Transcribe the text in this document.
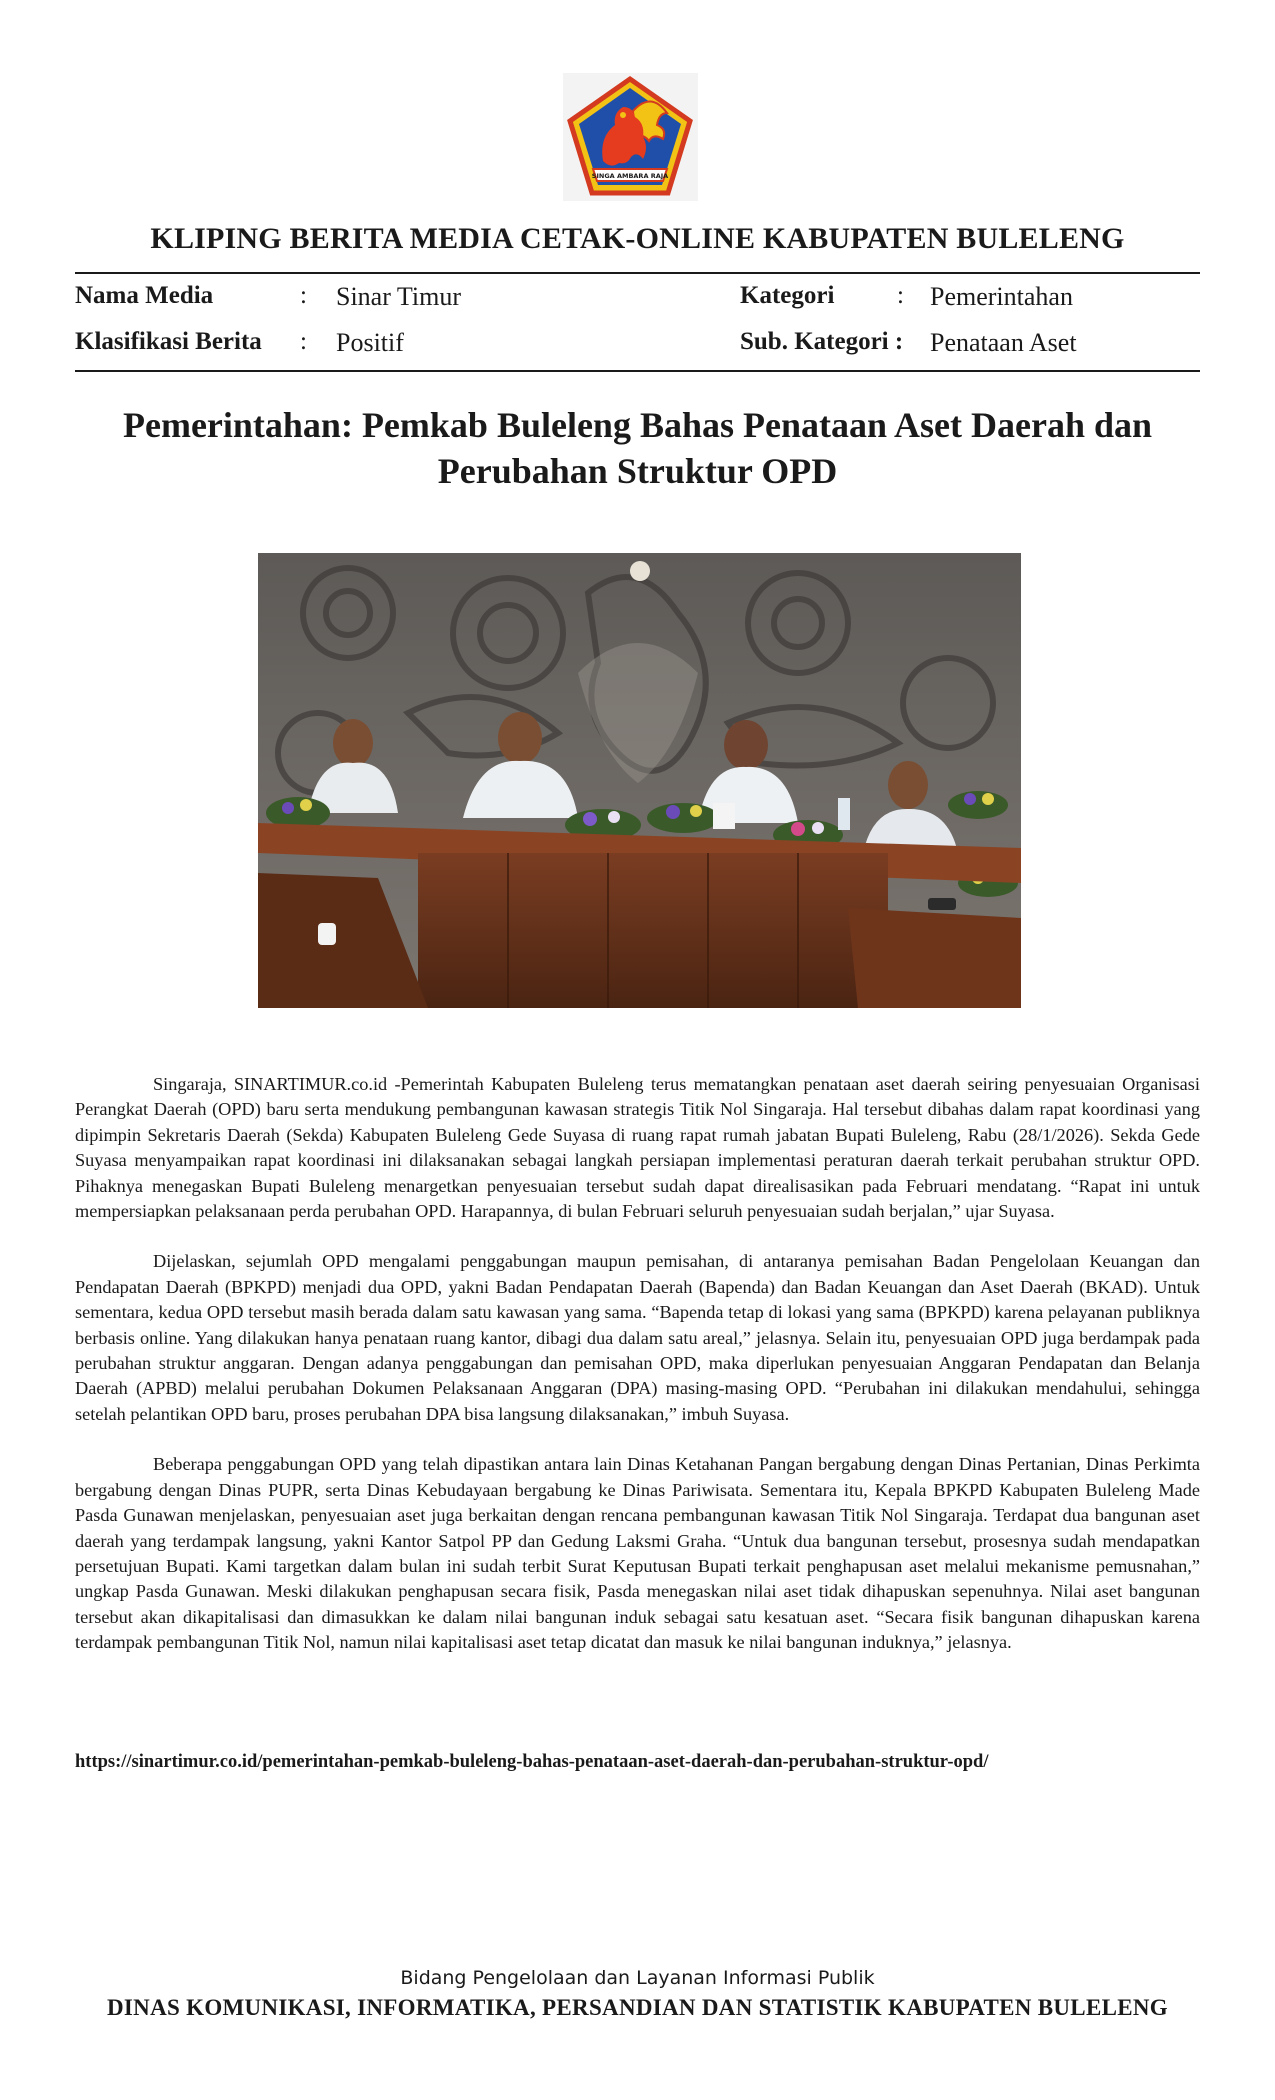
SINGA AMBARA RAJA
KLIPING BERITA MEDIA CETAK-ONLINE KABUPATEN BULELENG
Nama Media	: Sinar Timur	Kategori	: Pemerintahan
Klasifikasi Berita : Positif	Sub. Kategori : Penataan Aset
Pemerintahan: Pemkab Buleleng Bahas Penataan Aset Daerah dan Perubahan Struktur OPD

Singaraja, SINARTIMUR.co.id -Pemerintah Kabupaten Buleleng terus mematangkan penataan aset daerah seiring penyesuaian Organisasi Perangkat Daerah (OPD) baru serta mendukung pembangunan kawasan strategis Titik Nol Singaraja. Hal tersebut dibahas dalam rapat koordinasi yang dipimpin Sekretaris Daerah (Sekda) Kabupaten Buleleng Gede Suyasa di ruang rapat rumah jabatan Bupati Buleleng, Rabu (28/1/2026). Sekda Gede Suyasa menyampaikan rapat koordinasi ini dilaksanakan sebagai langkah persiapan implementasi peraturan daerah terkait perubahan struktur OPD. Pihaknya menegaskan Bupati Buleleng menargetkan penyesuaian tersebut sudah dapat direalisasikan pada Februari mendatang. “Rapat ini untuk mempersiapkan pelaksanaan perda perubahan OPD. Harapannya, di bulan Februari seluruh penyesuaian sudah berjalan,” ujar Suyasa.

Dijelaskan, sejumlah OPD mengalami penggabungan maupun pemisahan, di antaranya pemisahan Badan Pengelolaan Keuangan dan Pendapatan Daerah (BPKPD) menjadi dua OPD, yakni Badan Pendapatan Daerah (Bapenda) dan Badan Keuangan dan Aset Daerah (BKAD). Untuk sementara, kedua OPD tersebut masih berada dalam satu kawasan yang sama. “Bapenda tetap di lokasi yang sama (BPKPD) karena pelayanan publiknya berbasis online. Yang dilakukan hanya penataan ruang kantor, dibagi dua dalam satu areal,” jelasnya. Selain itu, penyesuaian OPD juga berdampak pada perubahan struktur anggaran. Dengan adanya penggabungan dan pemisahan OPD, maka diperlukan penyesuaian Anggaran Pendapatan dan Belanja Daerah (APBD) melalui perubahan Dokumen Pelaksanaan Anggaran (DPA) masing-masing OPD. “Perubahan ini dilakukan mendahului, sehingga setelah pelantikan OPD baru, proses perubahan DPA bisa langsung dilaksanakan,” imbuh Suyasa.

Beberapa penggabungan OPD yang telah dipastikan antara lain Dinas Ketahanan Pangan bergabung dengan Dinas Pertanian, Dinas Perkimta bergabung dengan Dinas PUPR, serta Dinas Kebudayaan bergabung ke Dinas Pariwisata. Sementara itu, Kepala BPKPD Kabupaten Buleleng Made Pasda Gunawan menjelaskan, penyesuaian aset juga berkaitan dengan rencana pembangunan kawasan Titik Nol Singaraja. Terdapat dua bangunan aset daerah yang terdampak langsung, yakni Kantor Satpol PP dan Gedung Laksmi Graha. “Untuk dua bangunan tersebut, prosesnya sudah mendapatkan persetujuan Bupati. Kami targetkan dalam bulan ini sudah terbit Surat Keputusan Bupati terkait penghapusan aset melalui mekanisme pemusnahan,” ungkap Pasda Gunawan. Meski dilakukan penghapusan secara fisik, Pasda menegaskan nilai aset tidak dihapuskan sepenuhnya. Nilai aset bangunan tersebut akan dikapitalisasi dan dimasukkan ke dalam nilai bangunan induk sebagai satu kesatuan aset. “Secara fisik bangunan dihapuskan karena terdampak pembangunan Titik Nol, namun nilai kapitalisasi aset tetap dicatat dan masuk ke nilai bangunan induknya,” jelasnya.

https://sinartimur.co.id/pemerintahan-pemkab-buleleng-bahas-penataan-aset-daerah-dan-perubahan-struktur-opd/
Bidang Pengelolaan dan Layanan Informasi Publik
DINAS KOMUNIKASI, INFORMATIKA, PERSANDIAN DAN STATISTIK KABUPATEN BULELENG
